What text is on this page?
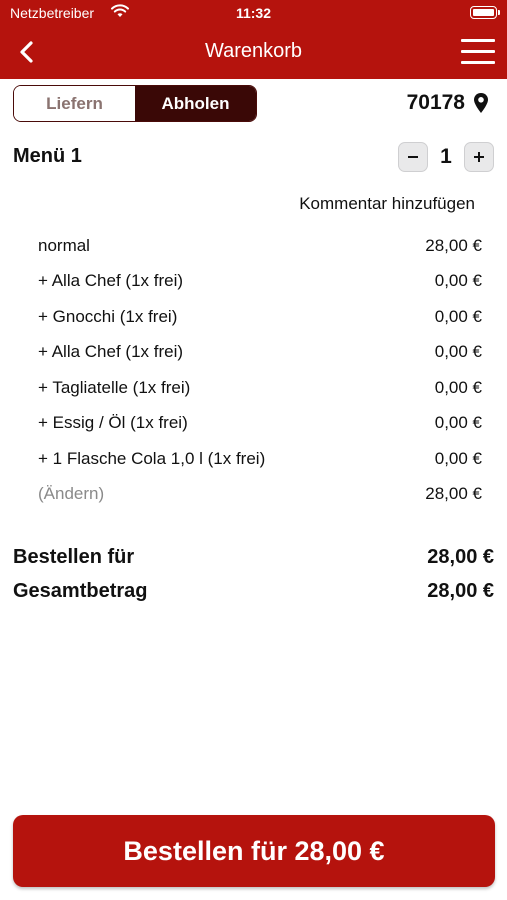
Netzbetreiber	11:32
Warenkorb
Liefern	Abholen	70178
Menü 1	1
Kommentar hinzufügen
normal	28,00 €
+ Alla Chef (1x frei)	0,00 €
+ Gnocchi (1x frei)	0,00 €
+ Alla Chef (1x frei)	0,00 €
+ Tagliatelle (1x frei)	0,00 €
+ Essig / Öl (1x frei)	0,00 €
+ 1 Flasche Cola 1,0 l (1x frei)	0,00 €
(Ändern)	28,00 €
Bestellen für	28,00 €
Gesamtbetrag	28,00 €
Bestellen für 28,00 €
